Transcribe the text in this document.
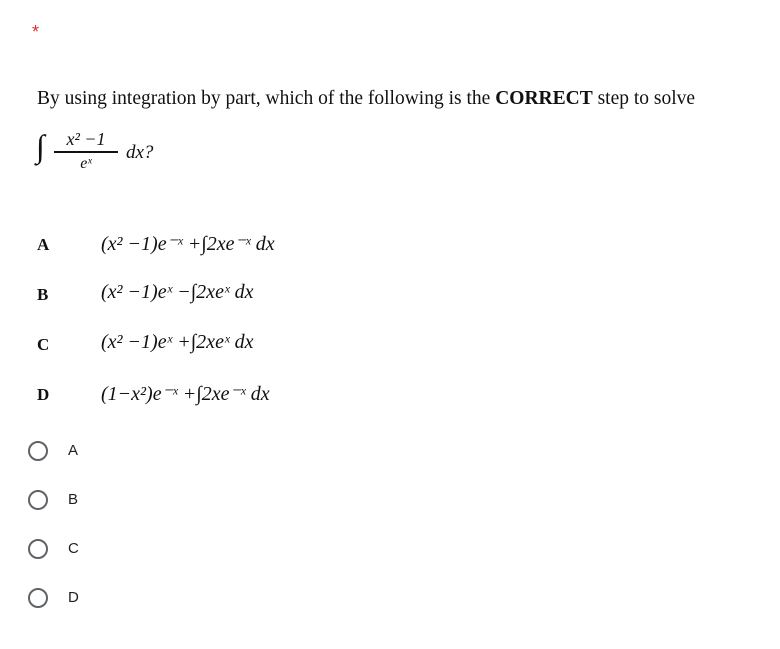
*
By using integration by part, which of the following is the CORRECT step to solve
∫	x² −1
eˣ	dx?
A	(x² −1)e⁻ˣ +∫2xe⁻ˣ dx
B	(x² −1)eˣ −∫2xeˣ dx
C	(x² −1)eˣ +∫2xeˣ dx
D	(1−x²)e⁻ˣ +∫2xe⁻ˣ dx
A
B
C
D
